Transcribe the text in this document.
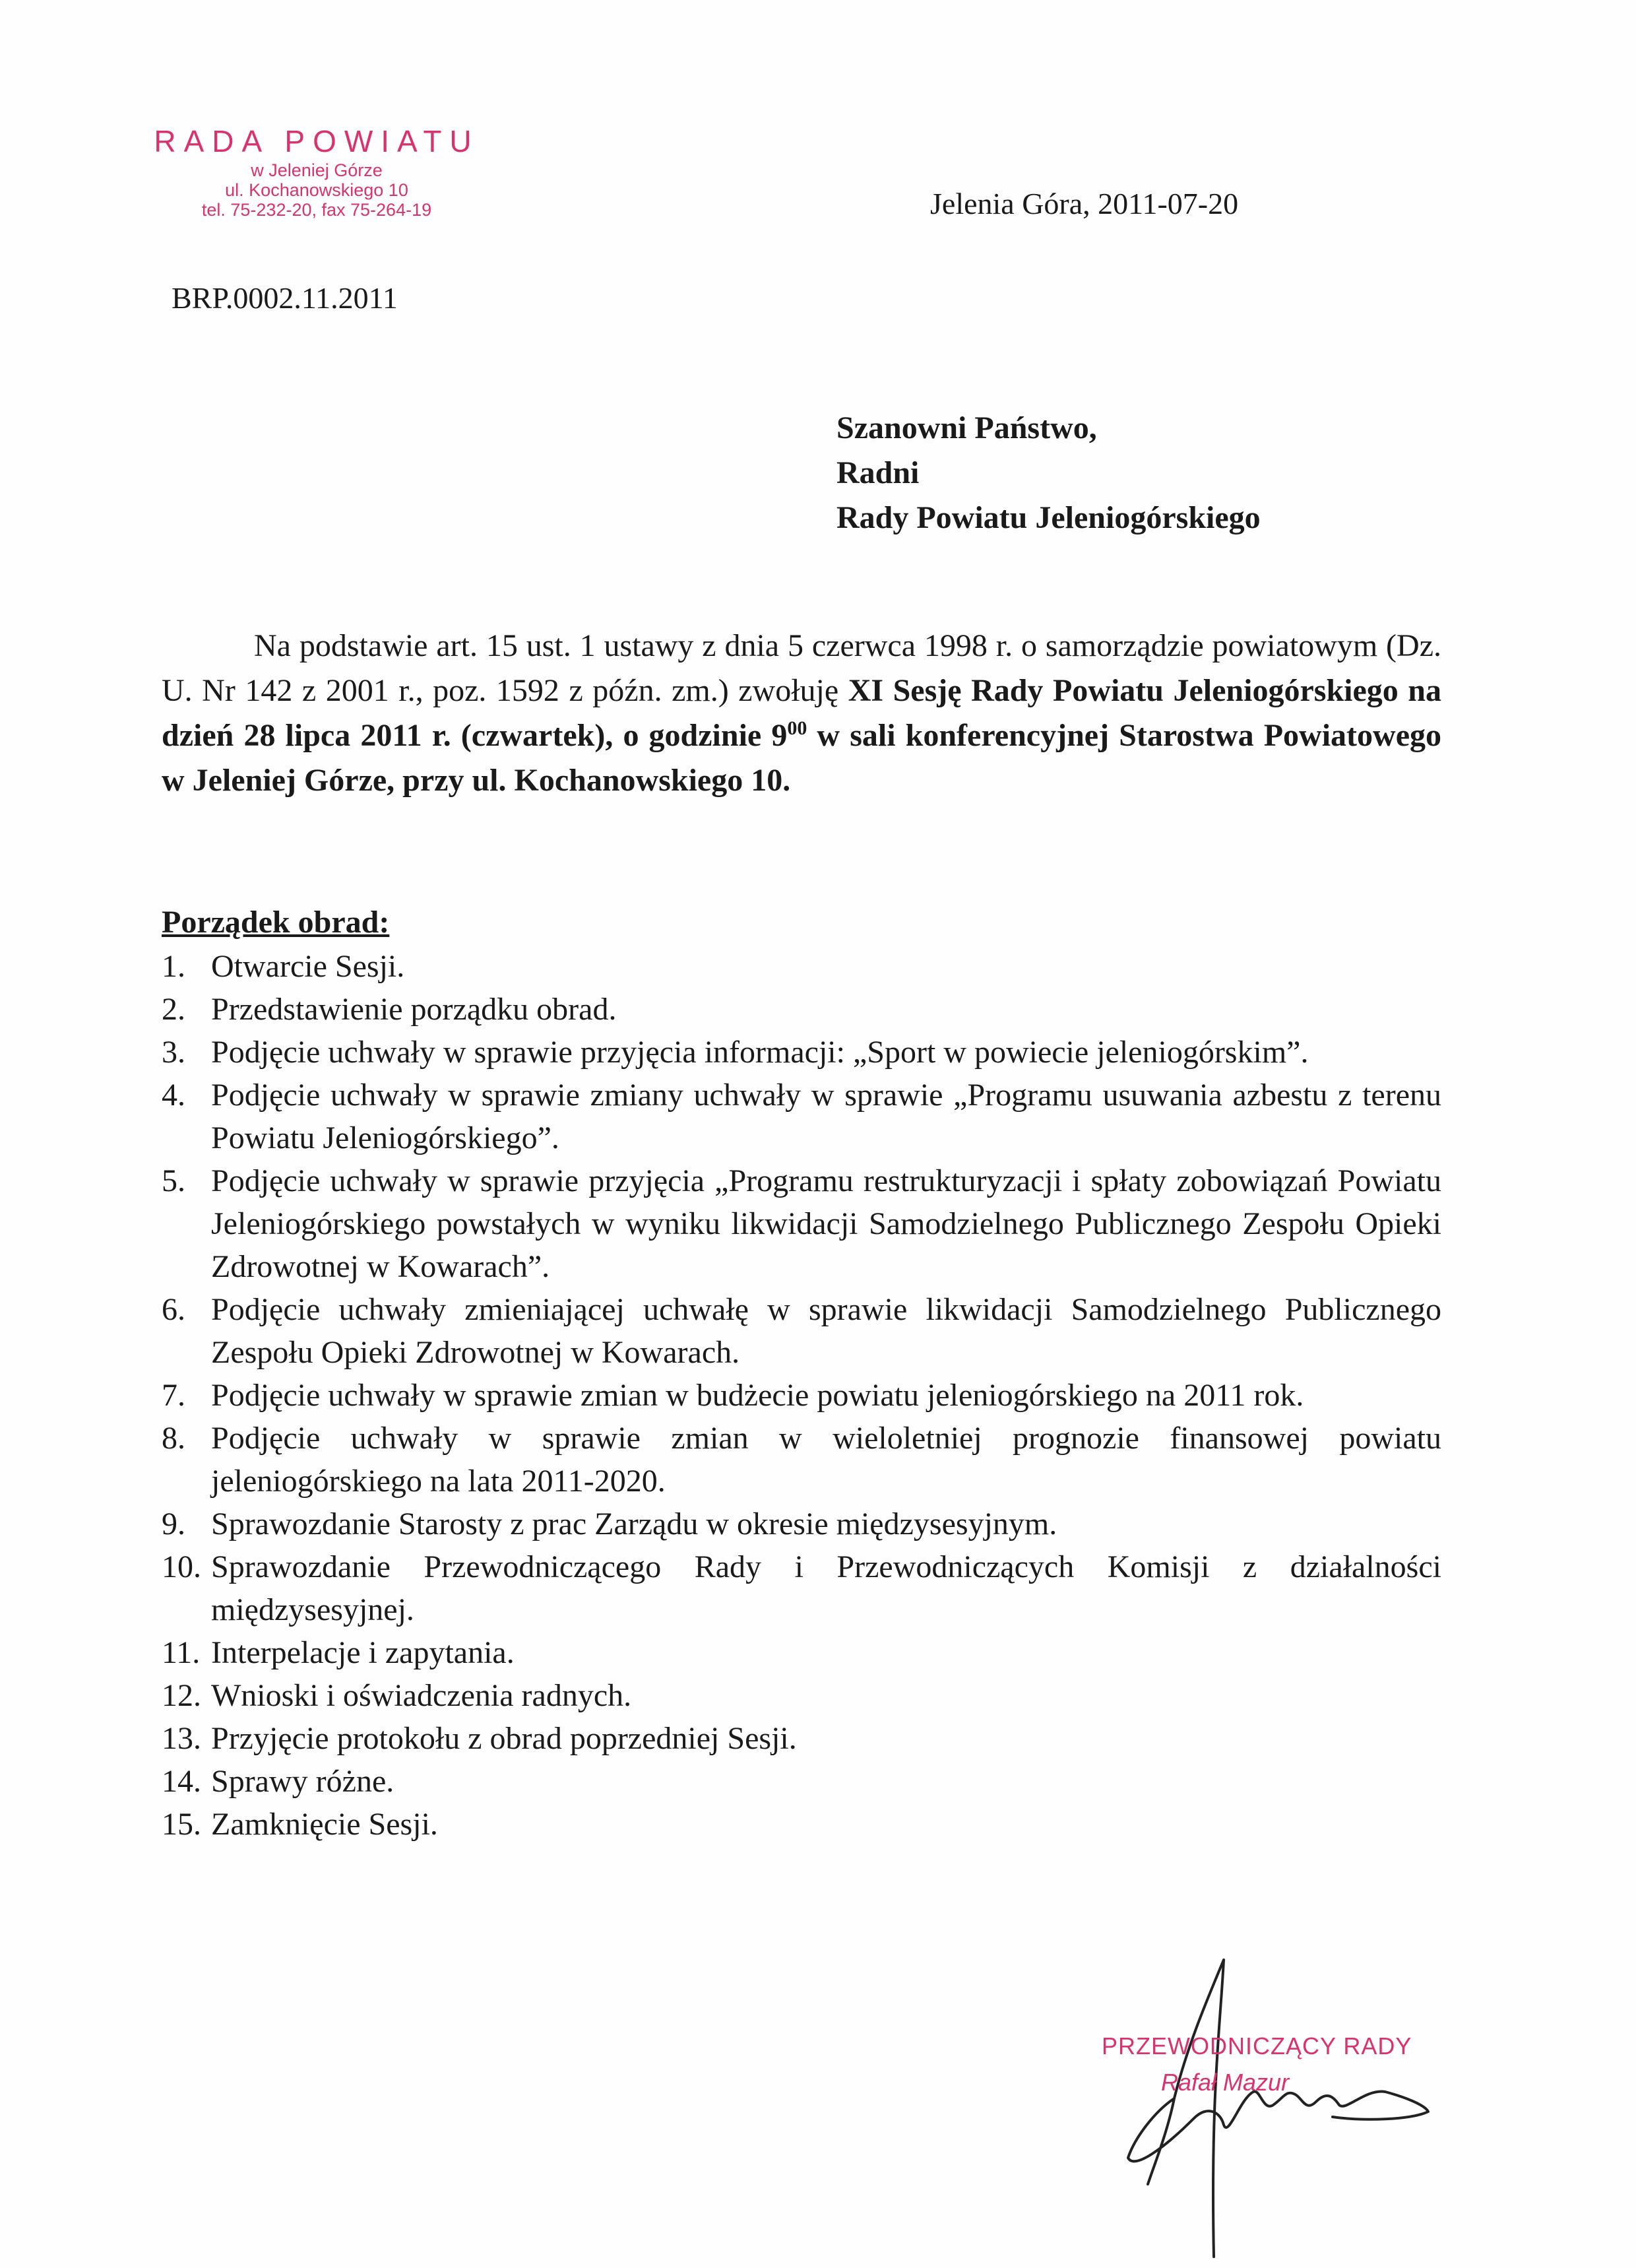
RADA POWIATU
w Jeleniej Górze
ul. Kochanowskiego 10
tel. 75-232-20, fax 75-264-19	Jelenia Góra, 2011-07-20
BRP.0002.11.2011
Szanowni Państwo,
Radni
Rady Powiatu Jeleniogórskiego

Na podstawie art. 15 ust. 1 ustawy z dnia 5 czerwca 1998 r. o samorządzie powiatowym (Dz. U. Nr 142 z 2001 r., poz. 1592 z późn. zm.) zwołuję XI Sesję Rady Powiatu Jeleniogórskiego na dzień 28 lipca 2011 r. (czwartek), o godzinie $9^{00}$ w sali konferencyjnej Starostwa Powiatowego w Jeleniej Górze, przy ul. Kochanowskiego 10.

Porządek obrad:
1. Otwarcie Sesji.
2. Przedstawienie porządku obrad.
3. Podjęcie uchwały w sprawie przyjęcia informacji: „Sport w powiecie jeleniogórskim”.
4. Podjęcie uchwały w sprawie zmiany uchwały w sprawie „Programu usuwania azbestu z terenu Powiatu Jeleniogórskiego”.
5. Podjęcie uchwały w sprawie przyjęcia „Programu restrukturyzacji i spłaty zobowiązań Powiatu Jeleniogórskiego powstałych w wyniku likwidacji Samodzielnego Publicznego Zespołu Opieki Zdrowotnej w Kowarach”.
6. Podjęcie uchwały zmieniającej uchwałę w sprawie likwidacji Samodzielnego Publicznego Zespołu Opieki Zdrowotnej w Kowarach.
7. Podjęcie uchwały w sprawie zmian w budżecie powiatu jeleniogórskiego na 2011 rok.
8. Podjęcie uchwały w sprawie zmian w wieloletniej prognozie finansowej powiatu jeleniogórskiego na lata 2011-2020.
9. Sprawozdanie Starosty z prac Zarządu w okresie międzysesyjnym.
10. Sprawozdanie Przewodniczącego Rady i Przewodniczących Komisji z działalności międzysesyjnej.
11. Interpelacje i zapytania.
12. Wnioski i oświadczenia radnych.
13. Przyjęcie protokołu z obrad poprzedniej Sesji.
14. Sprawy różne.
15. Zamknięcie Sesji.
PRZEWODNICZĄCY RADY
Rafał Mazur
